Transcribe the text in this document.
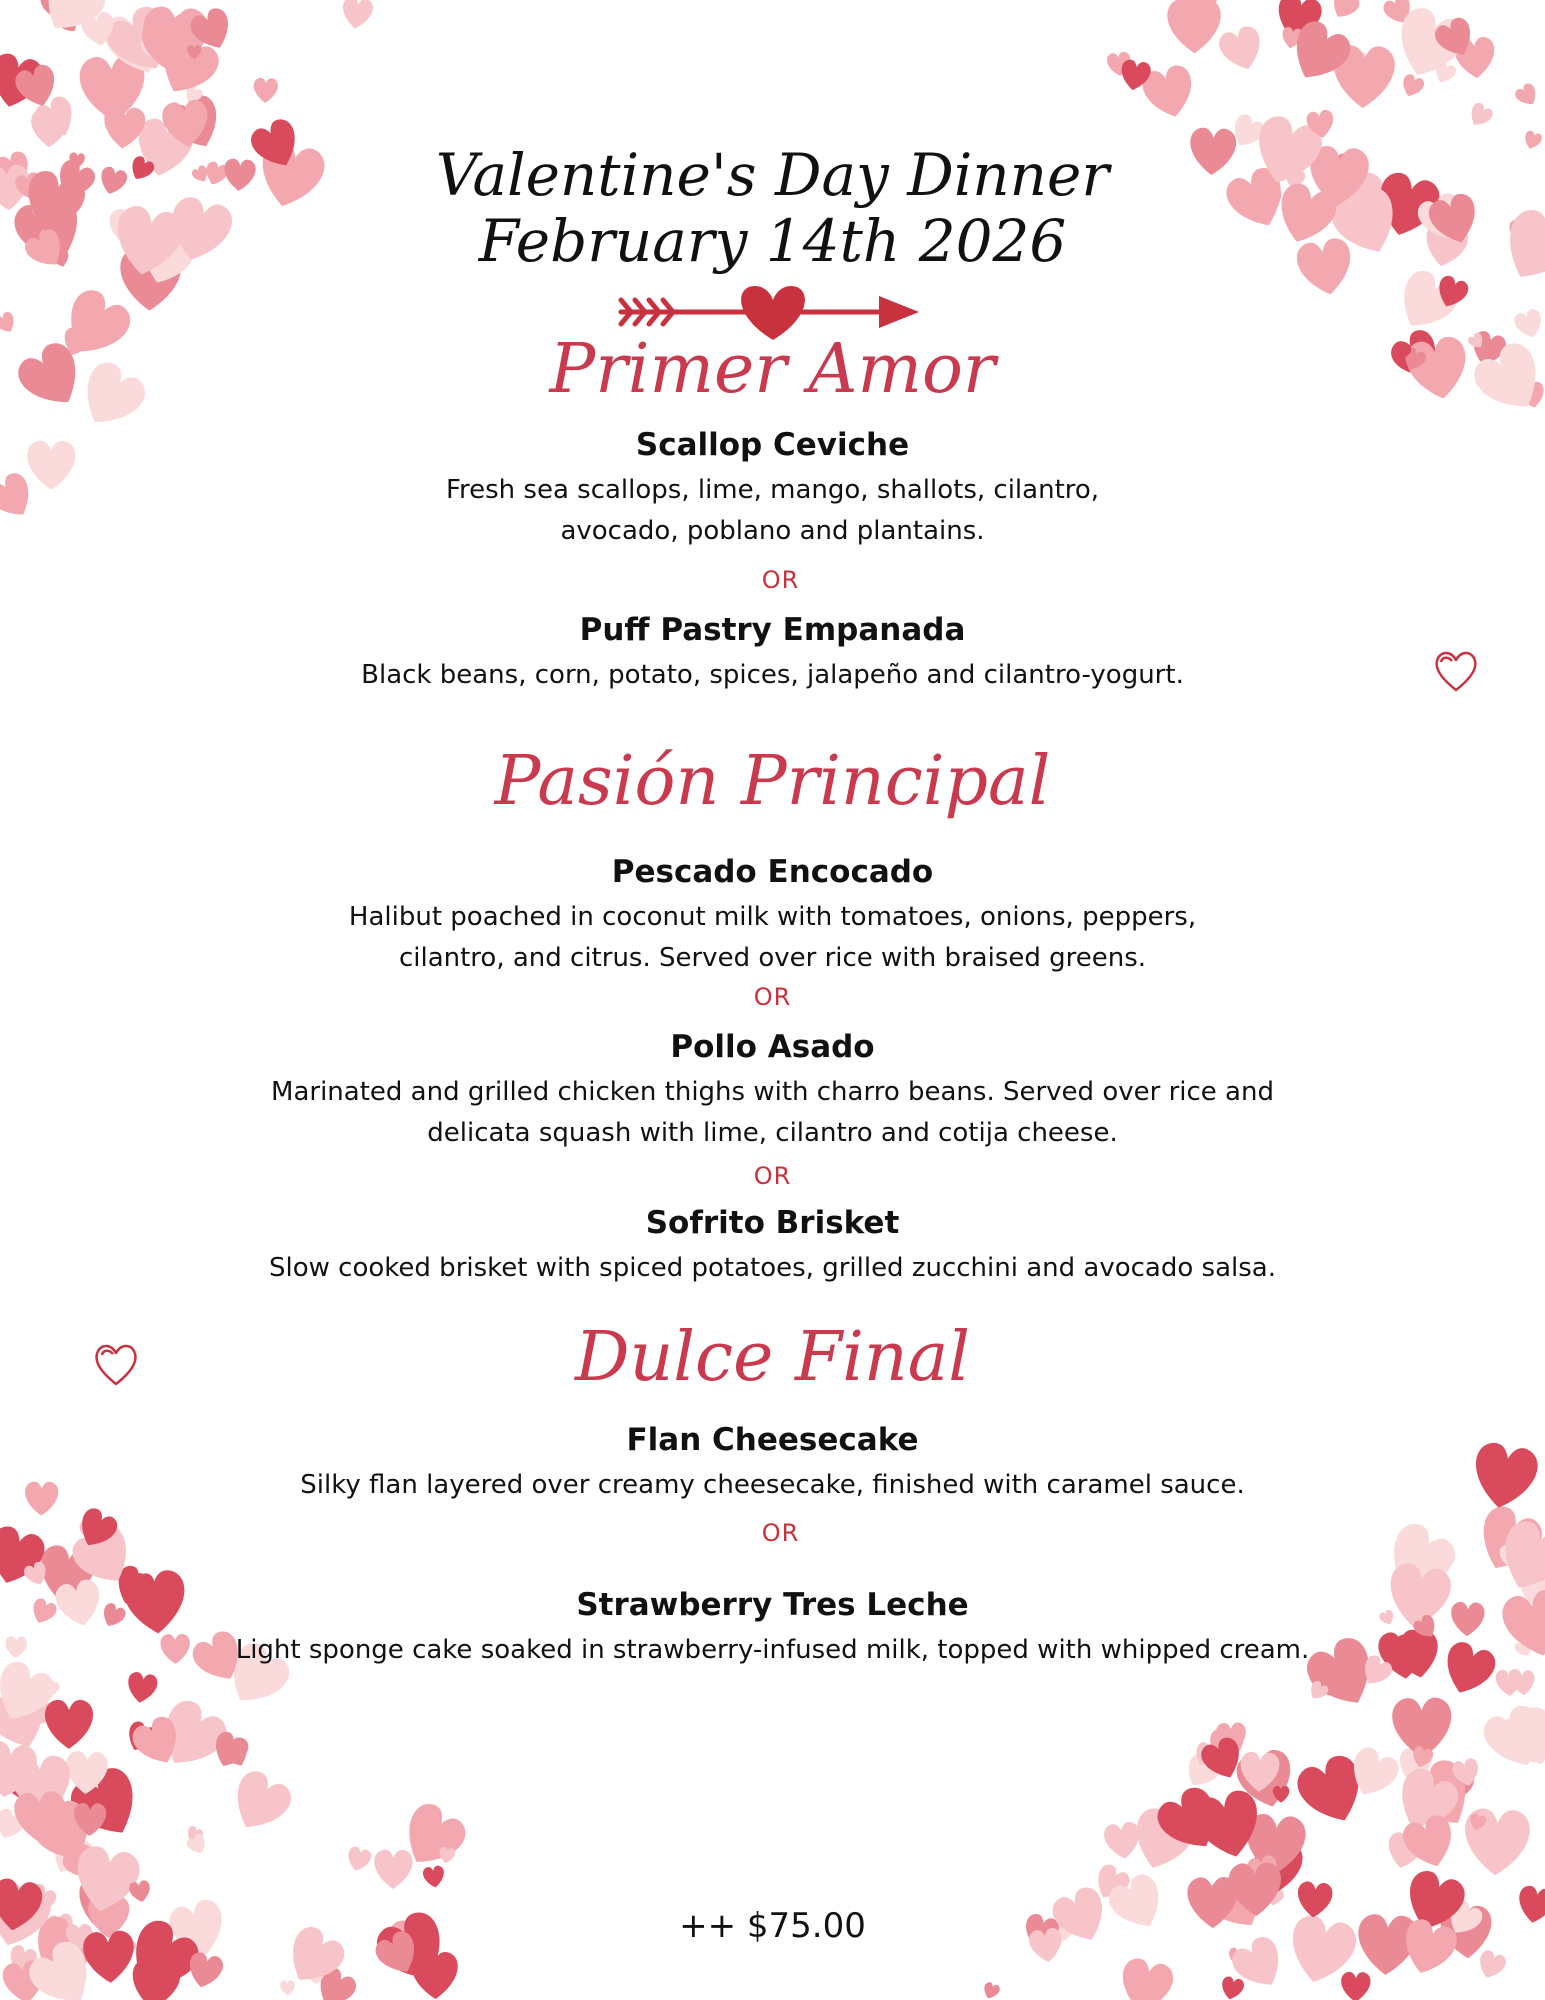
Valentine's Day Dinner
February 14th 2026
Primer Amor
Scallop Ceviche
Fresh sea scallops, lime, mango, shallots, cilantro,
avocado, poblano and plantains.
OR
Puff Pastry Empanada
Black beans, corn, potato, spices, jalapeño and cilantro-yogurt.
Pasión Principal
Pescado Encocado
Halibut poached in coconut milk with tomatoes, onions, peppers,
cilantro, and citrus. Served over rice with braised greens.
OR
Pollo Asado
Marinated and grilled chicken thighs with charro beans. Served over rice and
delicata squash with lime, cilantro and cotija cheese.
OR
Sofrito Brisket
Slow cooked brisket with spiced potatoes, grilled zucchini and avocado salsa.
Dulce Final
Flan Cheesecake
Silky flan layered over creamy cheesecake, finished with caramel sauce.
OR
Strawberry Tres Leche
Light sponge cake soaked in strawberry-infused milk, topped with whipped cream.
++ $75.00
